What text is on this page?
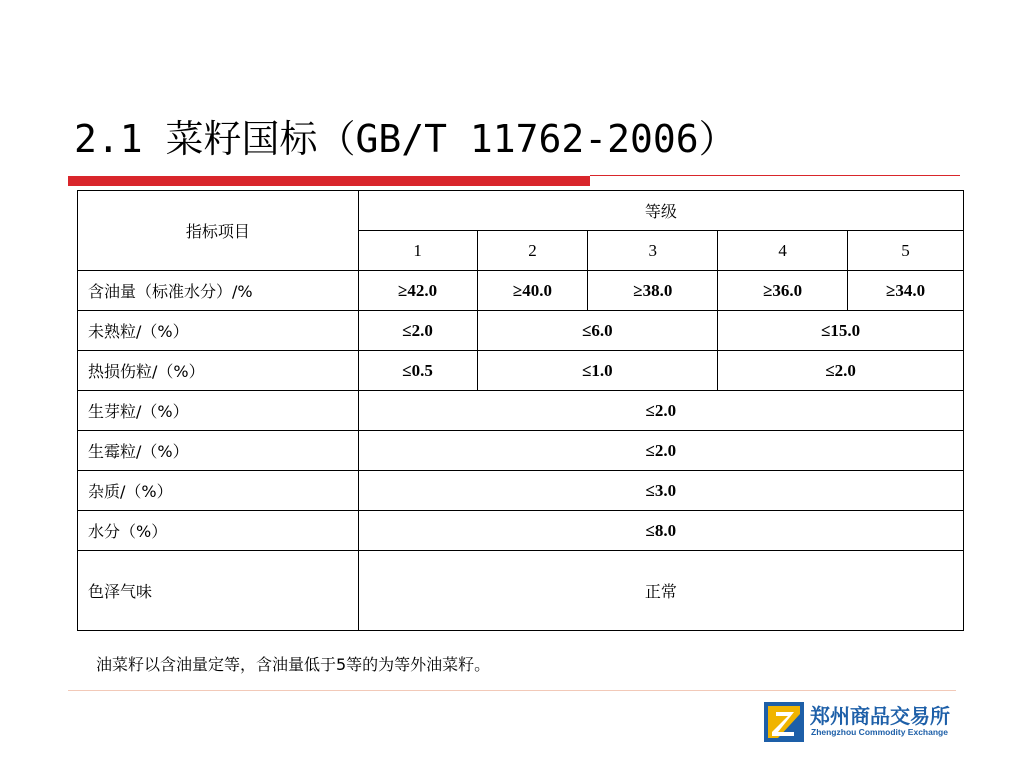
2.1 菜籽国标（GB/T 11762-2006）
指标项目	等级				
	1	2	3	4	5
含油量（标准水分）/%	≥42.0	≥40.0	≥38.0	≥36.0	≥34.0
未熟粒/（%）	≤2.0	≤6.0		≤15.0	
热损伤粒/（%）	≤0.5	≤1.0		≤2.0	
生芽粒/（%）	≤2.0				
生霉粒/（%）	≤2.0				
杂质/（%）	≤3.0				
水分（%）	≤8.0				
色泽气味	正常				
油菜籽以含油量定等，含油量低于5等的为等外油菜籽。
郑州商品交易所
Zhengzhou Commodity Exchange
